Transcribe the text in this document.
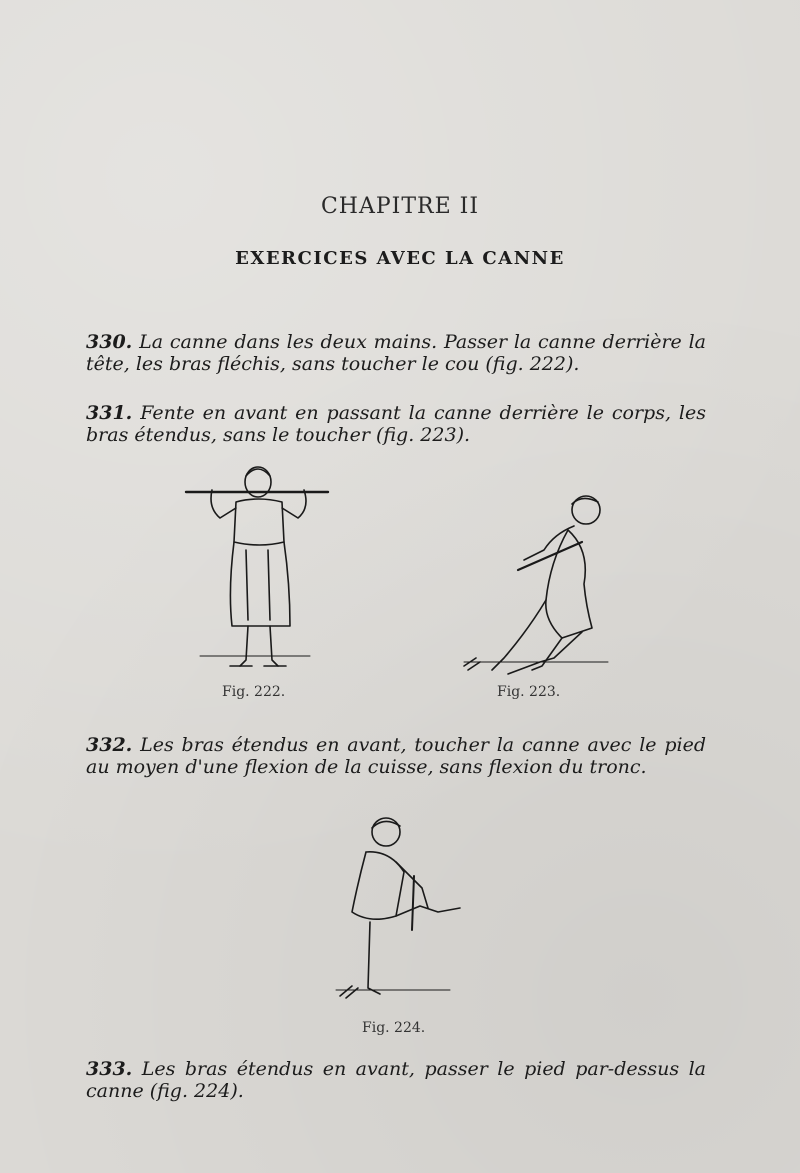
CHAPITRE II
EXERCICES AVEC LA CANNE
330. La canne dans les deux mains. Passer la canne derrière la tête, les bras fléchis, sans toucher le cou (fig. 222).
331. Fente en avant en passant la canne derrière le corps, les bras étendus, sans le toucher (fig. 223).
Fig. 222.	Fig. 223.
332. Les bras étendus en avant, toucher la canne avec le pied au moyen d'une flexion de la cuisse, sans flexion du tronc.
Fig. 224.
333. Les bras étendus en avant, passer le pied par-dessus la canne (fig. 224).
